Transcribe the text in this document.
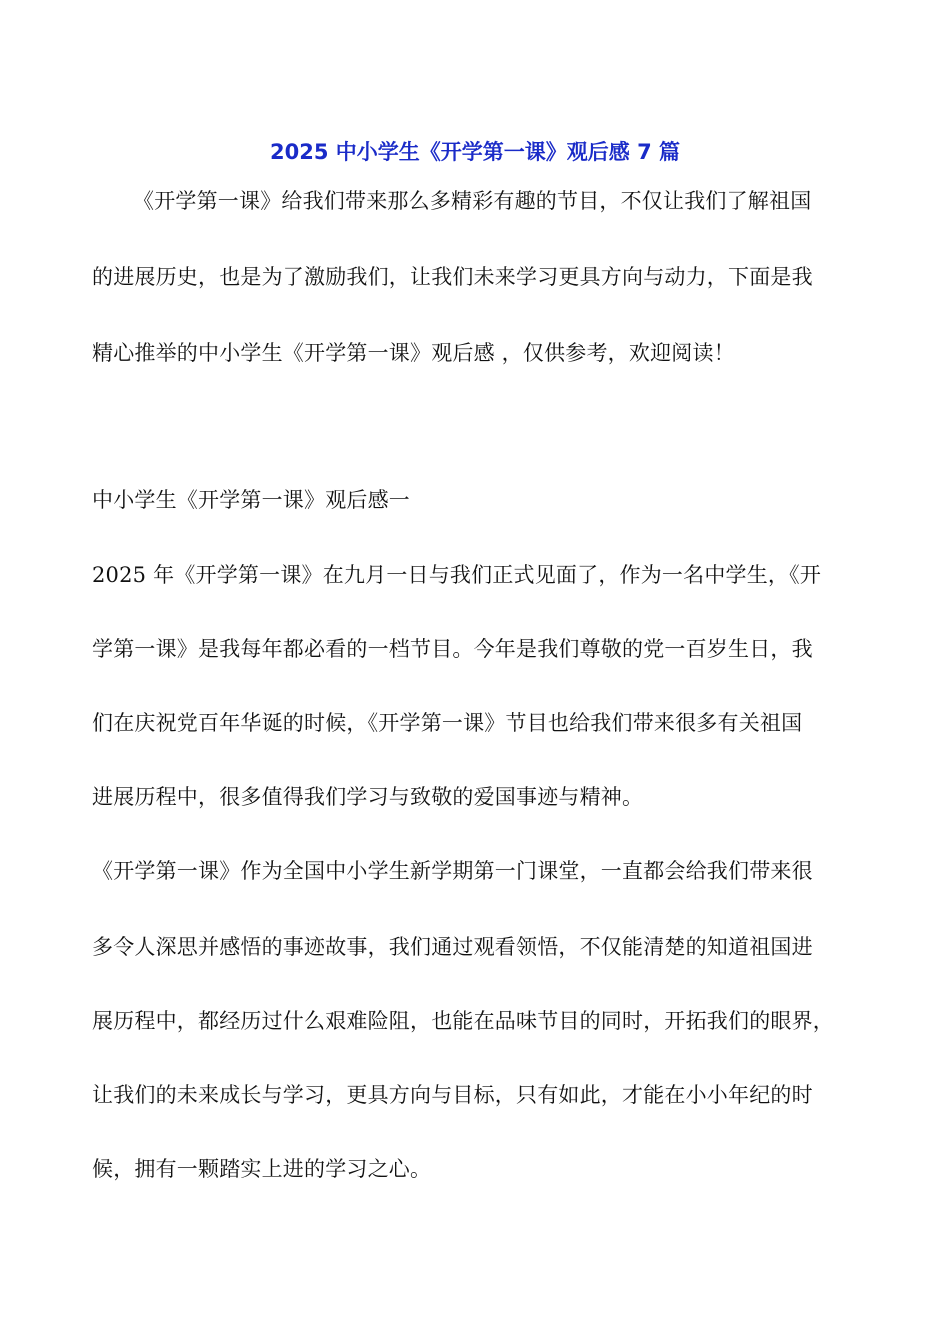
2025 中小学生《开学第一课》观后感 7 篇
《开学第一课》给我们带来那么多精彩有趣的节目，不仅让我们了解祖国
的进展历史，也是为了激励我们，让我们未来学习更具方向与动力，下面是我
精心推举的中小学生《开学第一课》观后感 ，仅供参考，欢迎阅读！
中小学生《开学第一课》观后感一
2025 年《开学第一课》在九月一日与我们正式见面了，作为一名中学生，《开
学第一课》是我每年都必看的一档节目。今年是我们尊敬的党一百岁生日，我
们在庆祝党百年华诞的时候，《开学第一课》节目也给我们带来很多有关祖国
进展历程中，很多值得我们学习与致敬的爱国事迹与精神。
《开学第一课》作为全国中小学生新学期第一门课堂，一直都会给我们带来很
多令人深思并感悟的事迹故事，我们通过观看领悟，不仅能清楚的知道祖国进
展历程中，都经历过什么艰难险阻，也能在品味节目的同时，开拓我们的眼界，
让我们的未来成长与学习，更具方向与目标，只有如此，才能在小小年纪的时
候，拥有一颗踏实上进的学习之心。
